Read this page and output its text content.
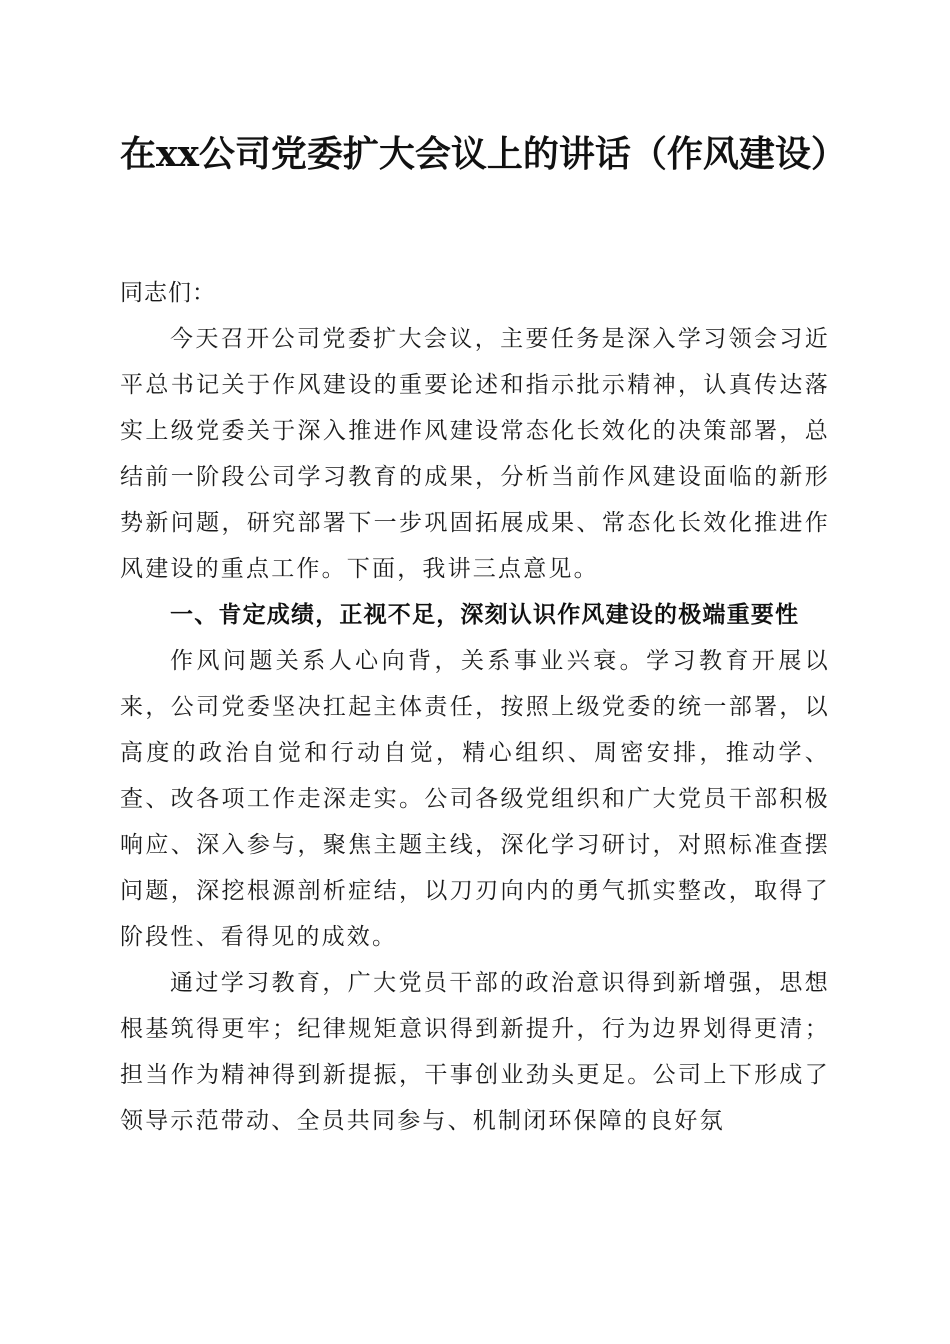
在xx公司党委扩大会议上的讲话（作风建设）

同志们：

今天召开公司党委扩大会议，主要任务是深入学习领会习近平总书记关于作风建设的重要论述和指示批示精神，认真传达落实上级党委关于深入推进作风建设常态化长效化的决策部署，总结前一阶段公司学习教育的成果，分析当前作风建设面临的新形势新问题，研究部署下一步巩固拓展成果、常态化长效化推进作风建设的重点工作。下面，我讲三点意见。

一、肯定成绩，正视不足，深刻认识作风建设的极端重要性

作风问题关系人心向背，关系事业兴衰。学习教育开展以来，公司党委坚决扛起主体责任，按照上级党委的统一部署，以高度的政治自觉和行动自觉，精心组织、周密安排，推动学、查、改各项工作走深走实。公司各级党组织和广大党员干部积极响应、深入参与，聚焦主题主线，深化学习研讨，对照标准查摆问题，深挖根源剖析症结，以刀刃向内的勇气抓实整改，取得了阶段性、看得见的成效。

通过学习教育，广大党员干部的政治意识得到新增强，思想根基筑得更牢；纪律规矩意识得到新提升，行为边界划得更清；担当作为精神得到新提振，干事创业劲头更足。公司上下形成了领导示范带动、全员共同参与、机制闭环保障的良好氛
